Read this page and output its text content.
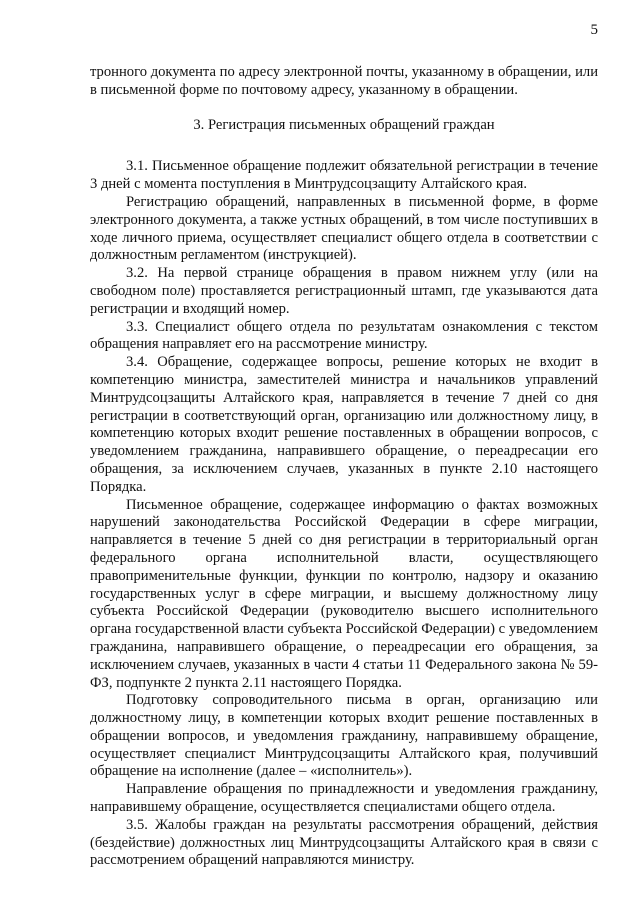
5

тронного документа по адресу электронной почты, указанному в обращении, или в письменной форме по почтовому адресу, указанному в обращении.

3. Регистрация письменных обращений граждан

3.1. Письменное обращение подлежит обязательной регистрации в течение 3 дней с момента поступления в Минтрудсоцзащиту Алтайского края.

Регистрацию обращений, направленных в письменной форме, в форме электронного документа, а также устных обращений, в том числе поступивших в ходе личного приема, осуществляет специалист общего отдела в соответствии с должностным регламентом (инструкцией).

3.2. На первой странице обращения в правом нижнем углу (или на свободном поле) проставляется регистрационный штамп, где указываются дата регистрации и входящий номер.

3.3. Специалист общего отдела по результатам ознакомления с текстом обращения направляет его на рассмотрение министру.

3.4. Обращение, содержащее вопросы, решение которых не входит в компетенцию министра, заместителей министра и начальников управлений Минтрудсоцзащиты Алтайского края, направляется в течение 7 дней со дня регистрации в соответствующий орган, организацию или должностному лицу, в компетенцию которых входит решение поставленных в обращении вопросов, с уведомлением гражданина, направившего обращение, о переадресации его обращения, за исключением случаев, указанных в пункте 2.10 настоящего Порядка.

Письменное обращение, содержащее информацию о фактах возможных нарушений законодательства Российской Федерации в сфере миграции, направляется в течение 5 дней со дня регистрации в территориальный орган федерального органа исполнительной власти, осуществляющего правоприменительные функции, функции по контролю, надзору и оказанию государственных услуг в сфере миграции, и высшему должностному лицу субъекта Российской Федерации (руководителю высшего исполнительного органа государственной власти субъекта Российской Федерации) с уведомлением гражданина, направившего обращение, о переадресации его обращения, за исключением случаев, указанных в части 4 статьи 11 Федерального закона № 59-ФЗ, подпункте 2 пункта 2.11 настоящего Порядка.

Подготовку сопроводительного письма в орган, организацию или должностному лицу, в компетенции которых входит решение поставленных в обращении вопросов, и уведомления гражданину, направившему обращение, осуществляет специалист Минтрудсоцзащиты Алтайского края, получивший обращение на исполнение (далее – «исполнитель»).

Направление обращения по принадлежности и уведомления гражданину, направившему обращение, осуществляется специалистами общего отдела.

3.5. Жалобы граждан на результаты рассмотрения обращений, действия (бездействие) должностных лиц Минтрудсоцзащиты Алтайского края в связи с рассмотрением обращений направляются министру.
